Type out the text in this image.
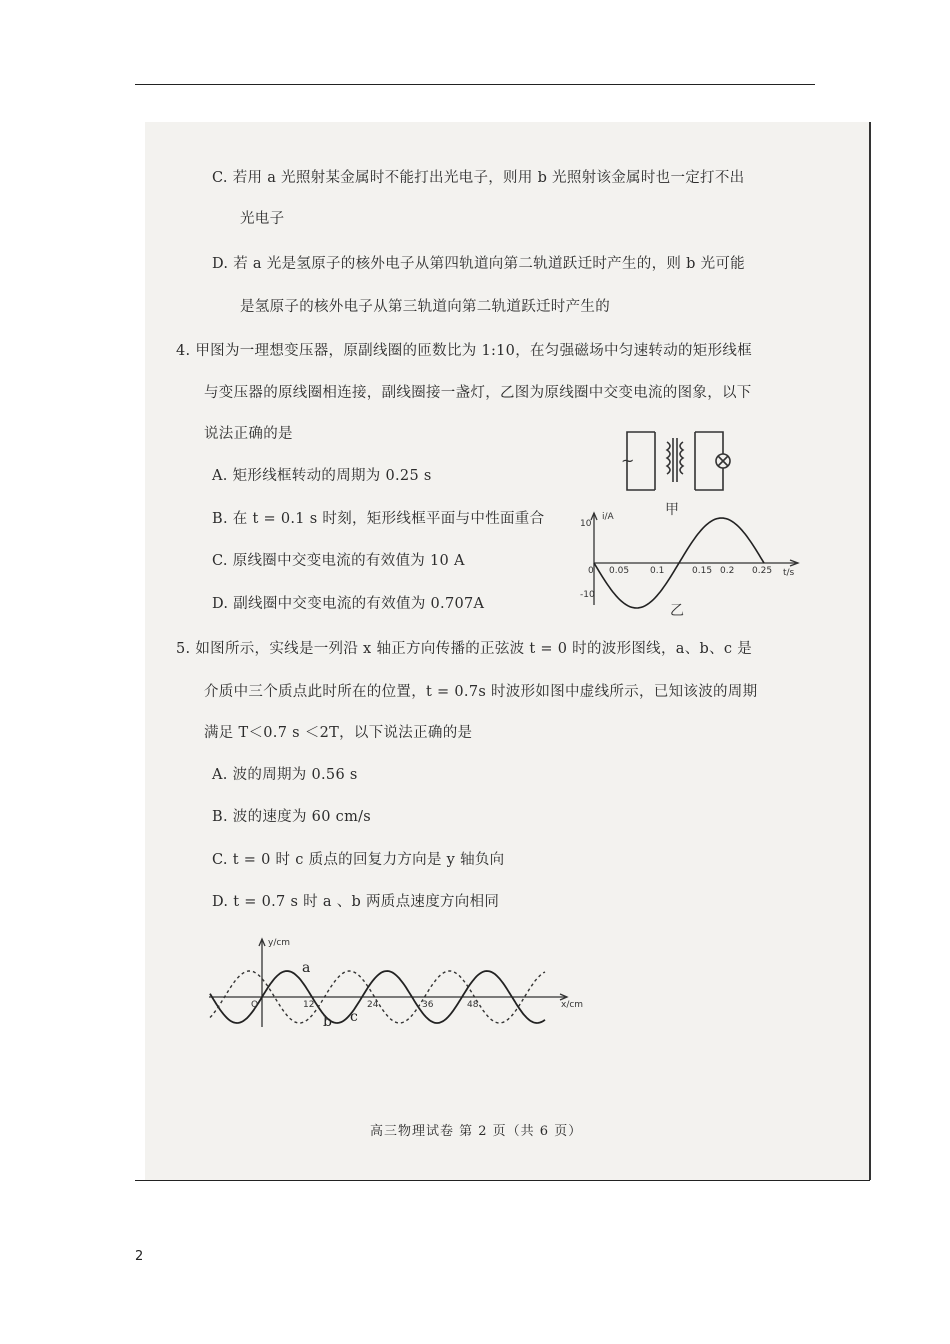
C. 若用 a 光照射某金属时不能打出光电子，则用 b 光照射该金属时也一定打不出
光电子
D. 若 a 光是氢原子的核外电子从第四轨道向第二轨道跃迁时产生的，则 b 光可能
是氢原子的核外电子从第三轨道向第二轨道跃迁时产生的
4. 甲图为一理想变压器，原副线圈的匝数比为 1:10，在匀强磁场中匀速转动的矩形线框
与变压器的原线圈相连接，副线圈接一盏灯，乙图为原线圈中交变电流的图象，以下
说法正确的是
A. 矩形线框转动的周期为 0.25 s
B. 在 t = 0.1 s 时刻，矩形线框平面与中性面重合
C. 原线圈中交变电流的有效值为 10 A
D. 副线圈中交变电流的有效值为 0.707A
~
甲
i/A
10
-10
0 0.05 0.1	0.15 0.2 0.25 t/s
乙
5. 如图所示，实线是一列沿 x 轴正方向传播的正弦波 t = 0 时的波形图线，a、b、c 是
介质中三个质点此时所在的位置，t = 0.7s 时波形如图中虚线所示，已知该波的周期
满足 T＜0.7 s ＜2T，以下说法正确的是
A. 波的周期为 0.56 s
B. 波的速度为 60 cm/s
C. t = 0 时 c 质点的回复力方向是 y 轴负向
D. t = 0.7 s 时 a 、b 两质点速度方向相同
y/cm
O	12	24	36	48	x/cm
a
b c
高三物理试卷 第 2 页（共 6 页）
2
